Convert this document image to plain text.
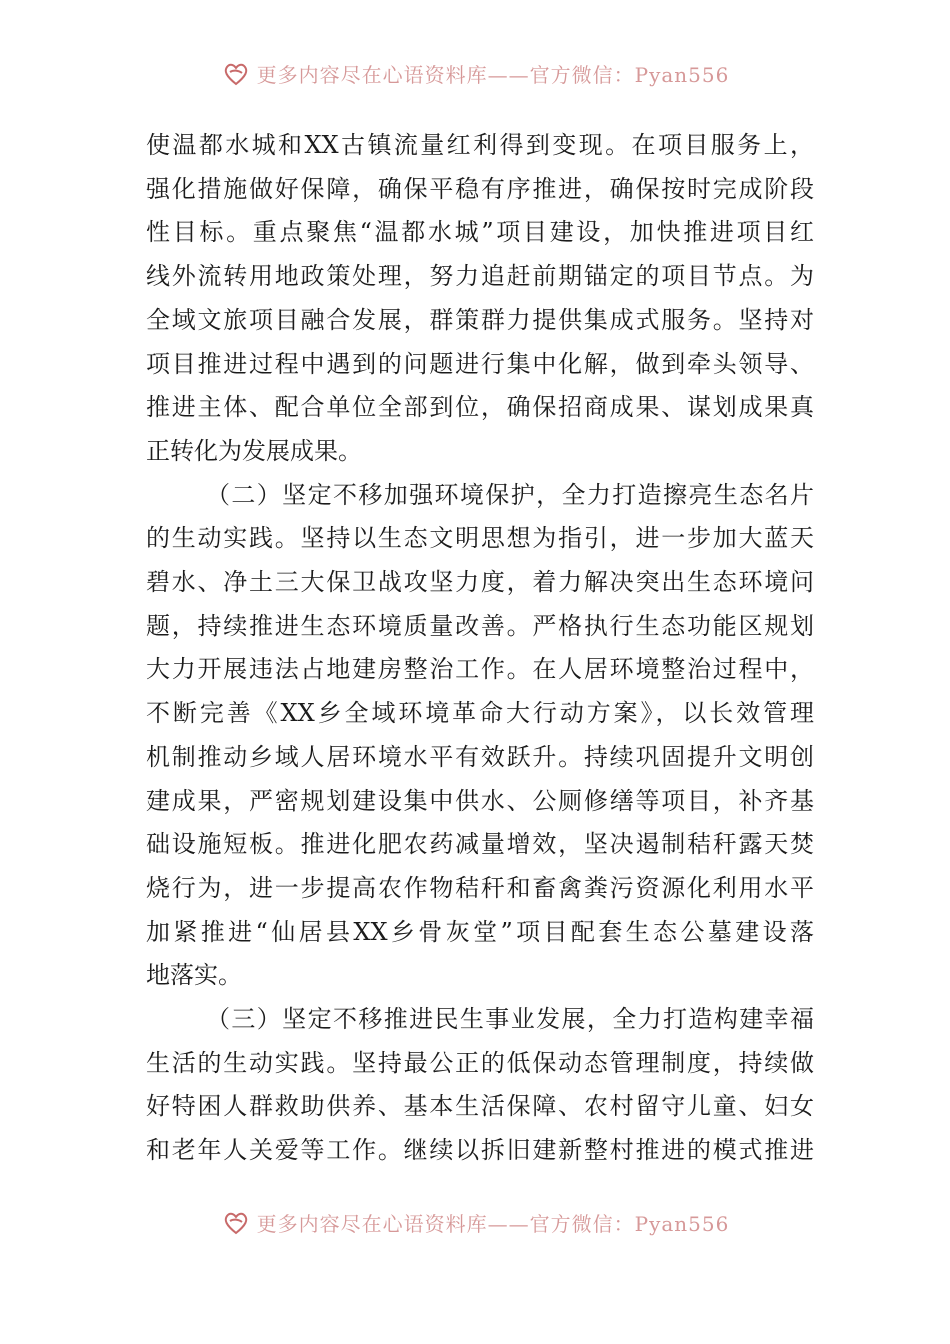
更多内容尽在心语资料库——官方微信：Pyan556

使温都水城和XX古镇流量红利得到变现。在项目服务上，
强化措施做好保障，确保平稳有序推进，确保按时完成阶段
性目标。重点聚焦“温都水城”项目建设，加快推进项目红
线外流转用地政策处理，努力追赶前期锚定的项目节点。为
全域文旅项目融合发展，群策群力提供集成式服务。坚持对
项目推进过程中遇到的问题进行集中化解，做到牵头领导、
推进主体、配合单位全部到位，确保招商成果、谋划成果真
正转化为发展成果。

（二）坚定不移加强环境保护，全力打造擦亮生态名片
的生动实践。坚持以生态文明思想为指引，进一步加大蓝天
碧水、净土三大保卫战攻坚力度，着力解决突出生态环境问
题，持续推进生态环境质量改善。严格执行生态功能区规划
大力开展违法占地建房整治工作。在人居环境整治过程中，
不断完善《XX乡全域环境革命大行动方案》，以长效管理
机制推动乡域人居环境水平有效跃升。持续巩固提升文明创
建成果，严密规划建设集中供水、公厕修缮等项目，补齐基
础设施短板。推进化肥农药减量增效，坚决遏制秸秆露天焚
烧行为，进一步提高农作物秸秆和畜禽粪污资源化利用水平
加紧推进“仙居县XX乡骨灰堂”项目配套生态公墓建设落
地落实。

（三）坚定不移推进民生事业发展，全力打造构建幸福
生活的生动实践。坚持最公正的低保动态管理制度，持续做
好特困人群救助供养、基本生活保障、农村留守儿童、妇女
和老年人关爱等工作。继续以拆旧建新整村推进的模式推进

更多内容尽在心语资料库——官方微信：Pyan556
